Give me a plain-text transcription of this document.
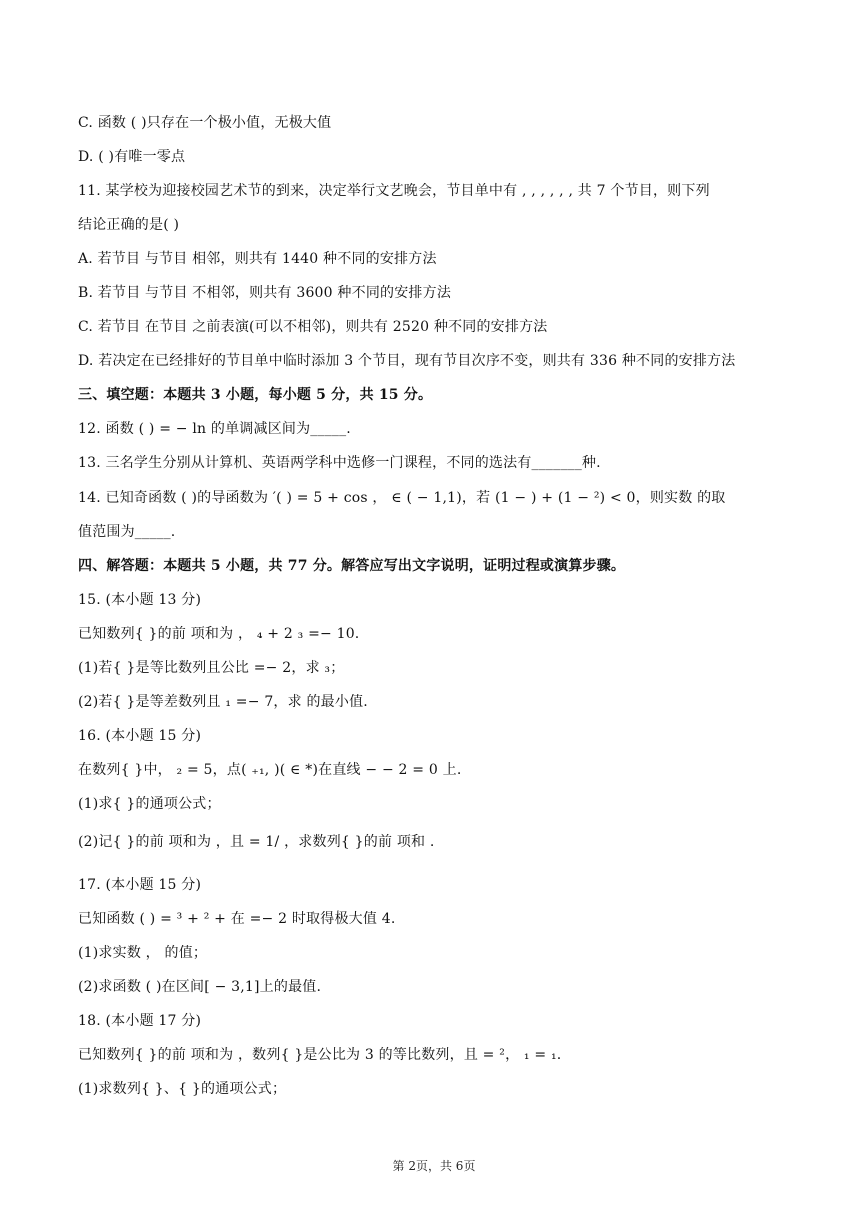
C. 函数 ( )只存在一个极小值，无极大值
D. ( )有唯一零点
11. 某学校为迎接校园艺术节的到来，决定举行文艺晚会，节目单中有 , , , , , , 共 7 个节目，则下列
结论正确的是( )
A. 若节目 与节目 相邻，则共有 1440 种不同的安排方法
B. 若节目 与节目 不相邻，则共有 3600 种不同的安排方法
C. 若节目 在节目 之前表演(可以不相邻)，则共有 2520 种不同的安排方法
D. 若决定在已经排好的节目单中临时添加 3 个节目，现有节目次序不变，则共有 336 种不同的安排方法
三、填空题：本题共 3 小题，每小题 5 分，共 15 分。
12. 函数 ( ) = − ln 的单调减区间为_____.
13. 三名学生分别从计算机、英语两学科中选修一门课程，不同的选法有_______种.
14. 已知奇函数 ( )的导函数为 ′( ) = 5 + cos ， ∈ ( − 1,1)，若 (1 − ) + (1 − ²) < 0，则实数 的取
值范围为_____.
四、解答题：本题共 5 小题，共 77 分。解答应写出文字说明，证明过程或演算步骤。
15. (本小题 13 分)
已知数列{ }的前 项和为 ， ₄ + 2 ₃ =− 10.
(1)若{ }是等比数列且公比 =− 2，求 ₃；
(2)若{ }是等差数列且 ₁ =− 7，求 的最小值.
16. (本小题 15 分)
在数列{ }中， ₂ = 5，点( ₊₁, )( ∈ *)在直线 − − 2 = 0 上.
(1)求{ }的通项公式；
(2)记{ }的前 项和为 ，且 = 1/ ，求数列{ }的前 项和 .
17. (本小题 15 分)
已知函数 ( ) = ³ + ² + 在 =− 2 时取得极大值 4.
(1)求实数 ， 的值；
(2)求函数 ( )在区间[ − 3,1]上的最值.
18. (本小题 17 分)
已知数列{ }的前 项和为 ，数列{ }是公比为 3 的等比数列，且 = ²， ₁ = ₁.
(1)求数列{ }、{ }的通项公式；
第 2页，共 6页
